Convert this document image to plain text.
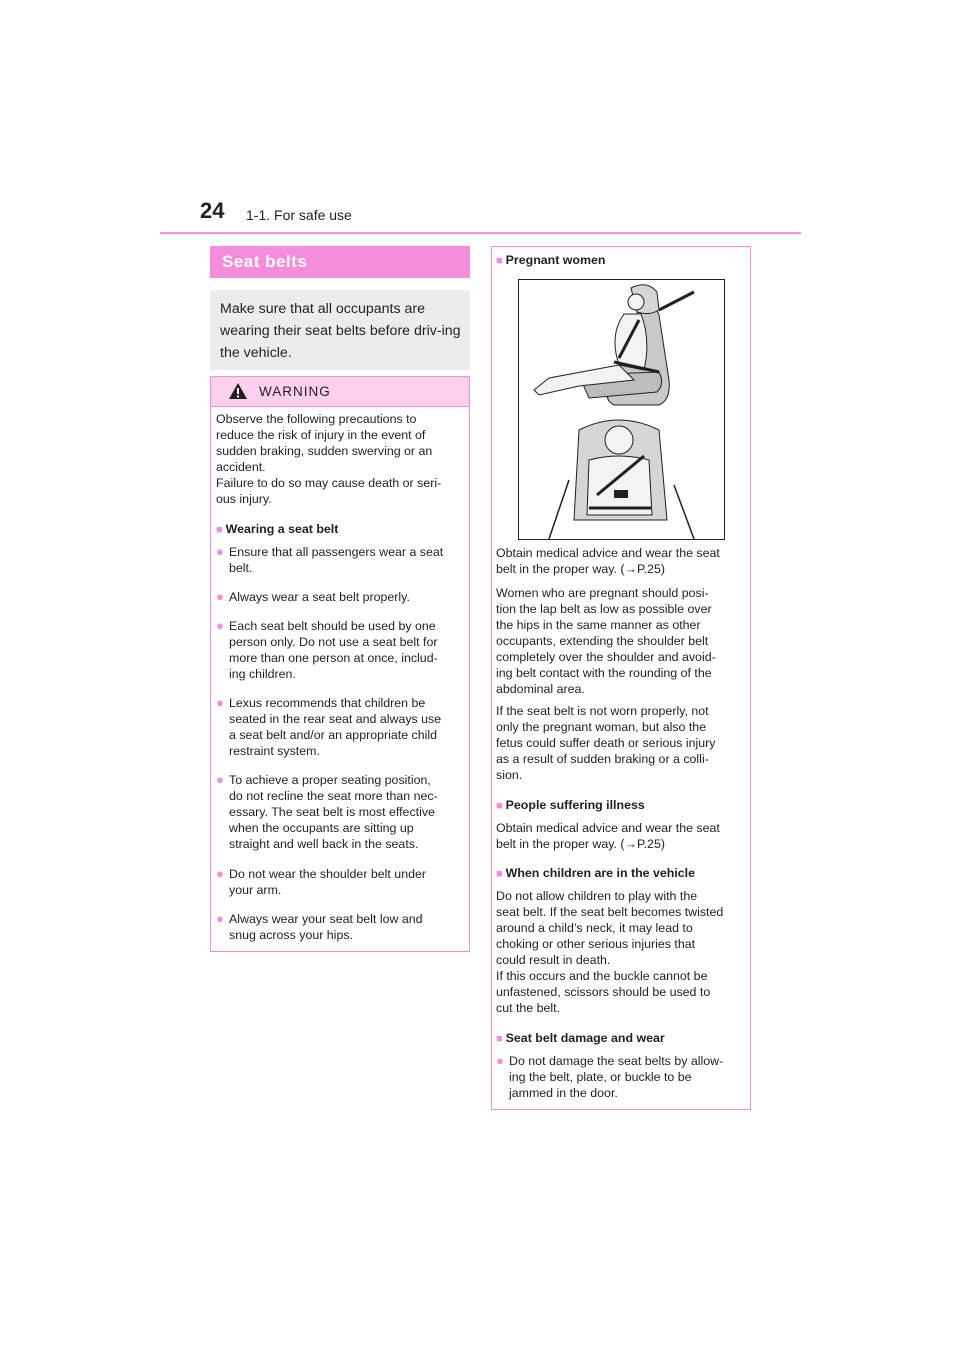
24 1-1. For safe use
Seat belts
Make sure that all occupants are wearing their seat belts before driv-ing the vehicle.
WARNING
Observe the following precautions to
reduce the risk of injury in the event of
sudden braking, sudden swerving or an
accident.
Failure to do so may cause death or seri-
ous injury.
■ Wearing a seat belt
● Ensure that all passengers wear a seat
belt.
● Always wear a seat belt properly.
● Each seat belt should be used by one
person only. Do not use a seat belt for
more than one person at once, includ-
ing children.
● Lexus recommends that children be
seated in the rear seat and always use
a seat belt and/or an appropriate child
restraint system.
● To achieve a proper seating position,
do not recline the seat more than nec-
essary. The seat belt is most effective
when the occupants are sitting up
straight and well back in the seats.
● Do not wear the shoulder belt under
your arm.
● Always wear your seat belt low and
snug across your hips.
■ Pregnant women
Obtain medical advice and wear the seat
belt in the proper way. (→P.25)
Women who are pregnant should posi-
tion the lap belt as low as possible over
the hips in the same manner as other
occupants, extending the shoulder belt
completely over the shoulder and avoid-
ing belt contact with the rounding of the
abdominal area.
If the seat belt is not worn properly, not
only the pregnant woman, but also the
fetus could suffer death or serious injury
as a result of sudden braking or a colli-
sion.
■ People suffering illness
Obtain medical advice and wear the seat
belt in the proper way. (→P.25)
■ When children are in the vehicle
Do not allow children to play with the
seat belt. If the seat belt becomes twisted
around a child’s neck, it may lead to
choking or other serious injuries that
could result in death.
If this occurs and the buckle cannot be
unfastened, scissors should be used to
cut the belt.
■ Seat belt damage and wear
● Do not damage the seat belts by allow-
ing the belt, plate, or buckle to be
jammed in the door.
